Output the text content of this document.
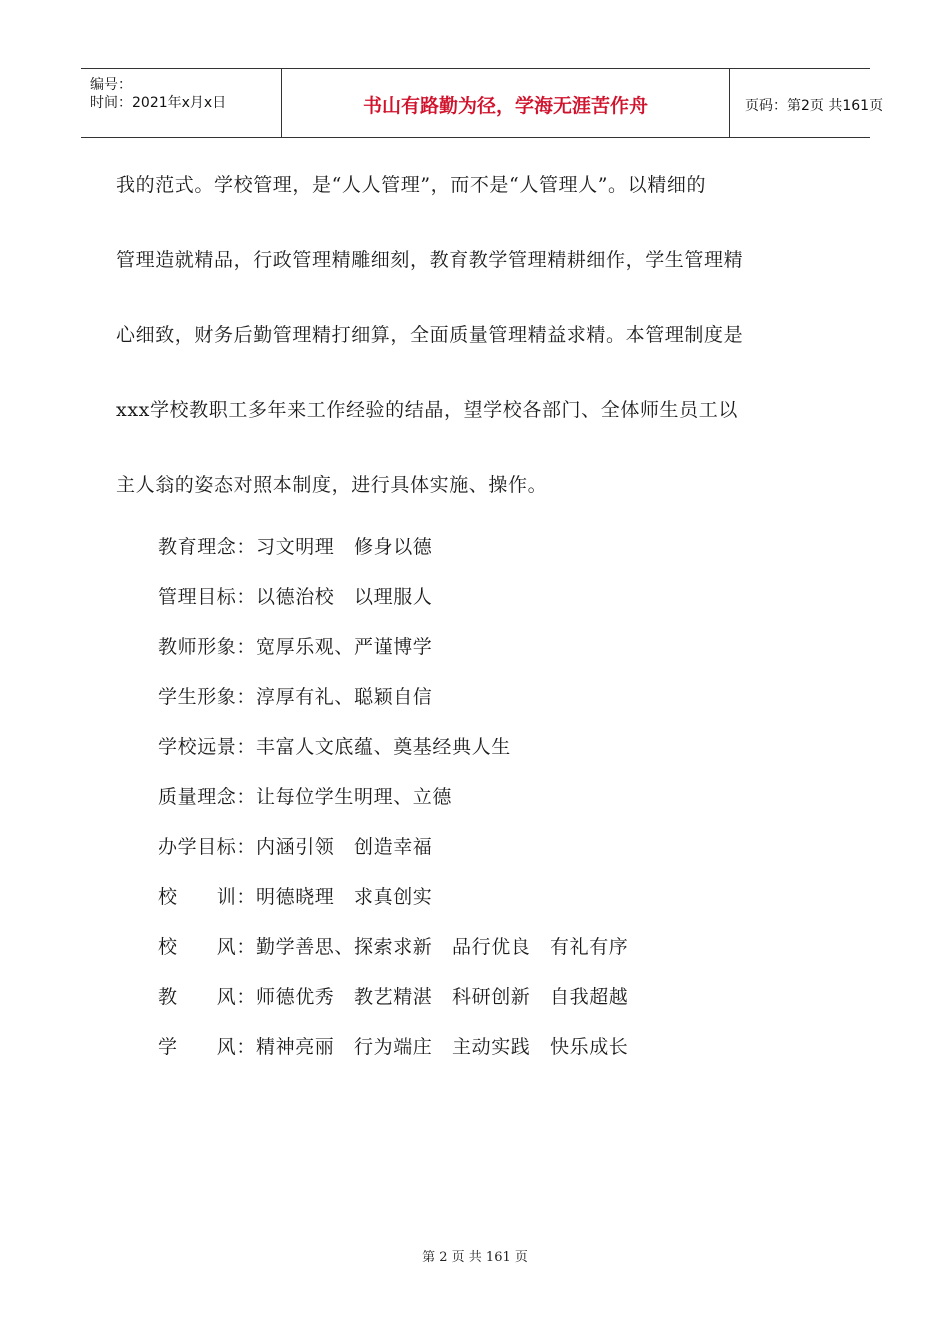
编号：
时间：2021年x月x日	书山有路勤为径，学海无涯苦作舟	页码：第2页 共161页
我的范式。学校管理，是“人人管理”，而不是“人管理人”。以精细的
管理造就精品，行政管理精雕细刻，教育教学管理精耕细作，学生管理精
心细致，财务后勤管理精打细算，全面质量管理精益求精。本管理制度是
xxx学校教职工多年来工作经验的结晶，望学校各部门、全体师生员工以
主人翁的姿态对照本制度，进行具体实施、操作。
教育理念：习文明理　修身以德
管理目标：以德治校　以理服人
教师形象：宽厚乐观、严谨博学
学生形象：淳厚有礼、聪颖自信
学校远景：丰富人文底蕴、奠基经典人生
质量理念：让每位学生明理、立德
办学目标：内涵引领　创造幸福
校　　训：明德晓理　求真创实
校　　风：勤学善思、探索求新　品行优良　有礼有序
教　　风：师德优秀　教艺精湛　科研创新　自我超越
学　　风：精神亮丽　行为端庄　主动实践　快乐成长
第 2 页 共 161 页
